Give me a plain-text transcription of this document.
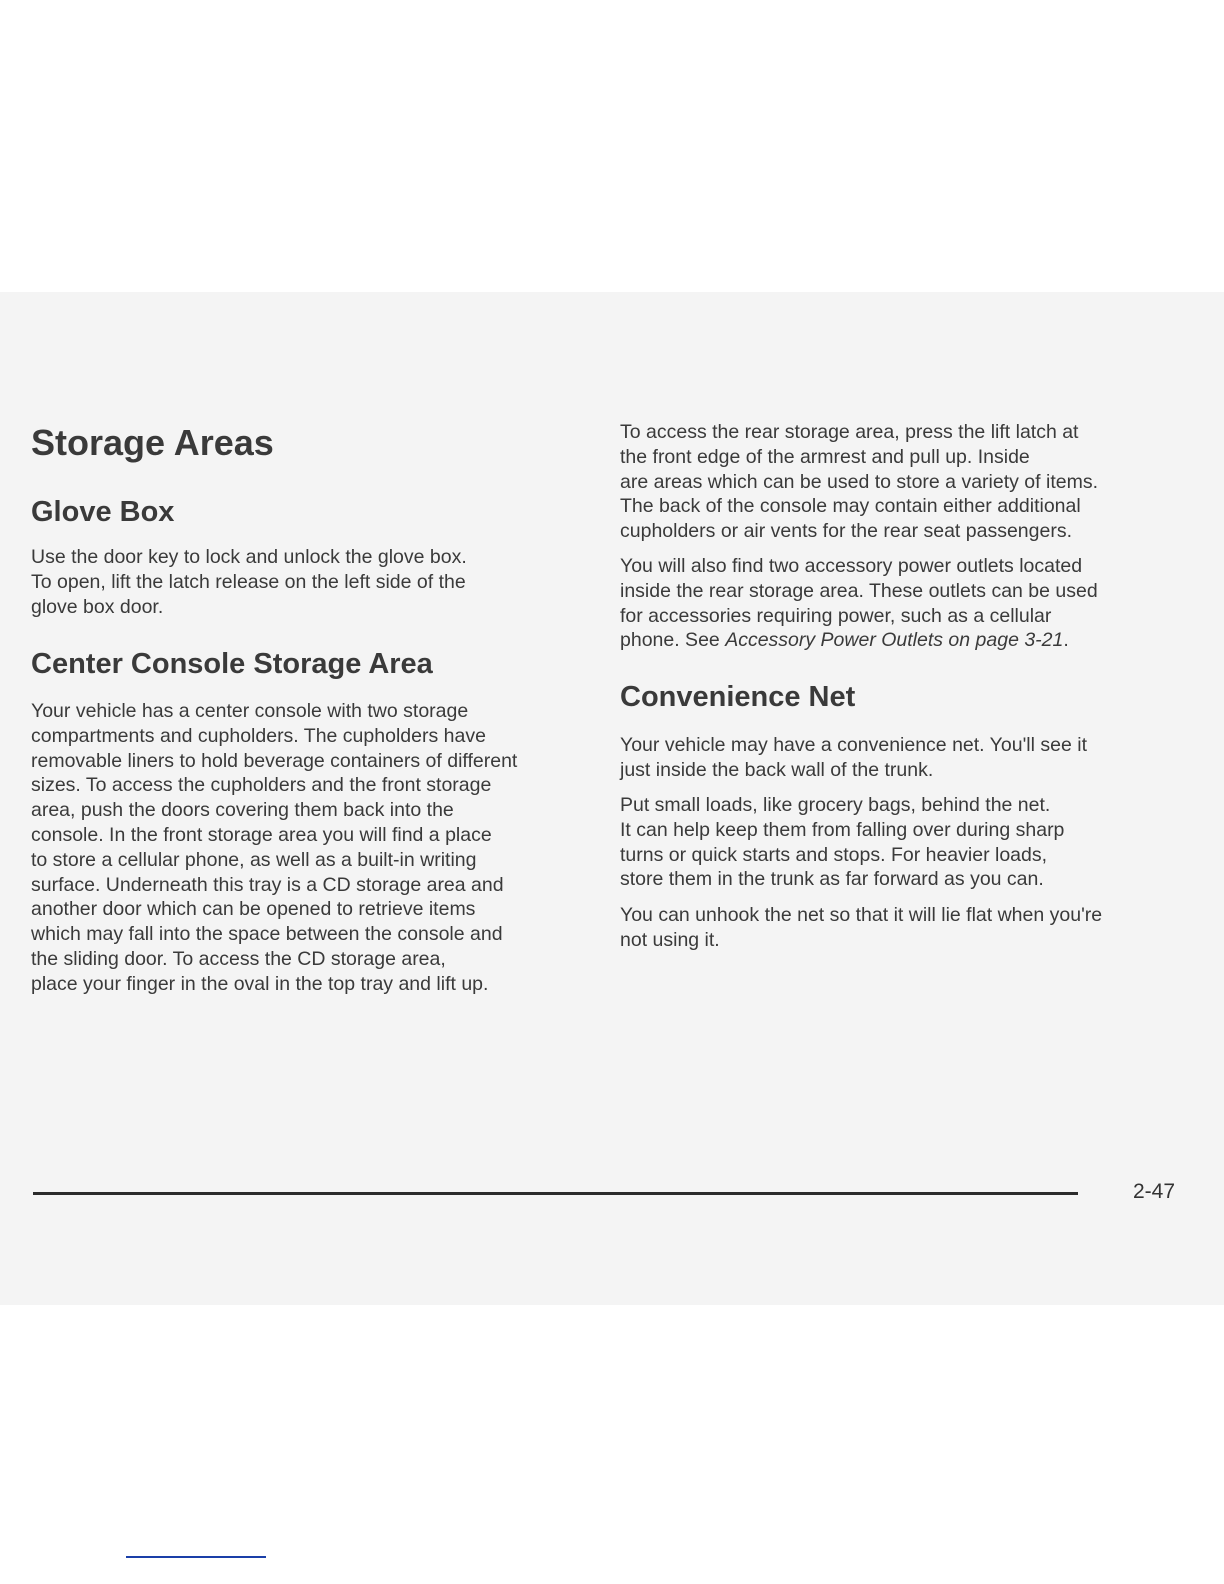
Storage Areas
Glove Box

Use the door key to lock and unlock the glove box.
To open, lift the latch release on the left side of the
glove box door.

Center Console Storage Area

Your vehicle has a center console with two storage
compartments and cupholders. The cupholders have
removable liners to hold beverage containers of different
sizes. To access the cupholders and the front storage
area, push the doors covering them back into the
console. In the front storage area you will find a place
to store a cellular phone, as well as a built-in writing
surface. Underneath this tray is a CD storage area and
another door which can be opened to retrieve items
which may fall into the space between the console and
the sliding door. To access the CD storage area,
place your finger in the oval in the top tray and lift up.

To access the rear storage area, press the lift latch at
the front edge of the armrest and pull up. Inside
are areas which can be used to store a variety of items.
The back of the console may contain either additional
cupholders or air vents for the rear seat passengers.

You will also find two accessory power outlets located
inside the rear storage area. These outlets can be used
for accessories requiring power, such as a cellular
phone. See Accessory Power Outlets on page 3-21.

Convenience Net

Your vehicle may have a convenience net. You'll see it
just inside the back wall of the trunk.

Put small loads, like grocery bags, behind the net.
It can help keep them from falling over during sharp
turns or quick starts and stops. For heavier loads,
store them in the trunk as far forward as you can.

You can unhook the net so that it will lie flat when you're
not using it.

2-47
